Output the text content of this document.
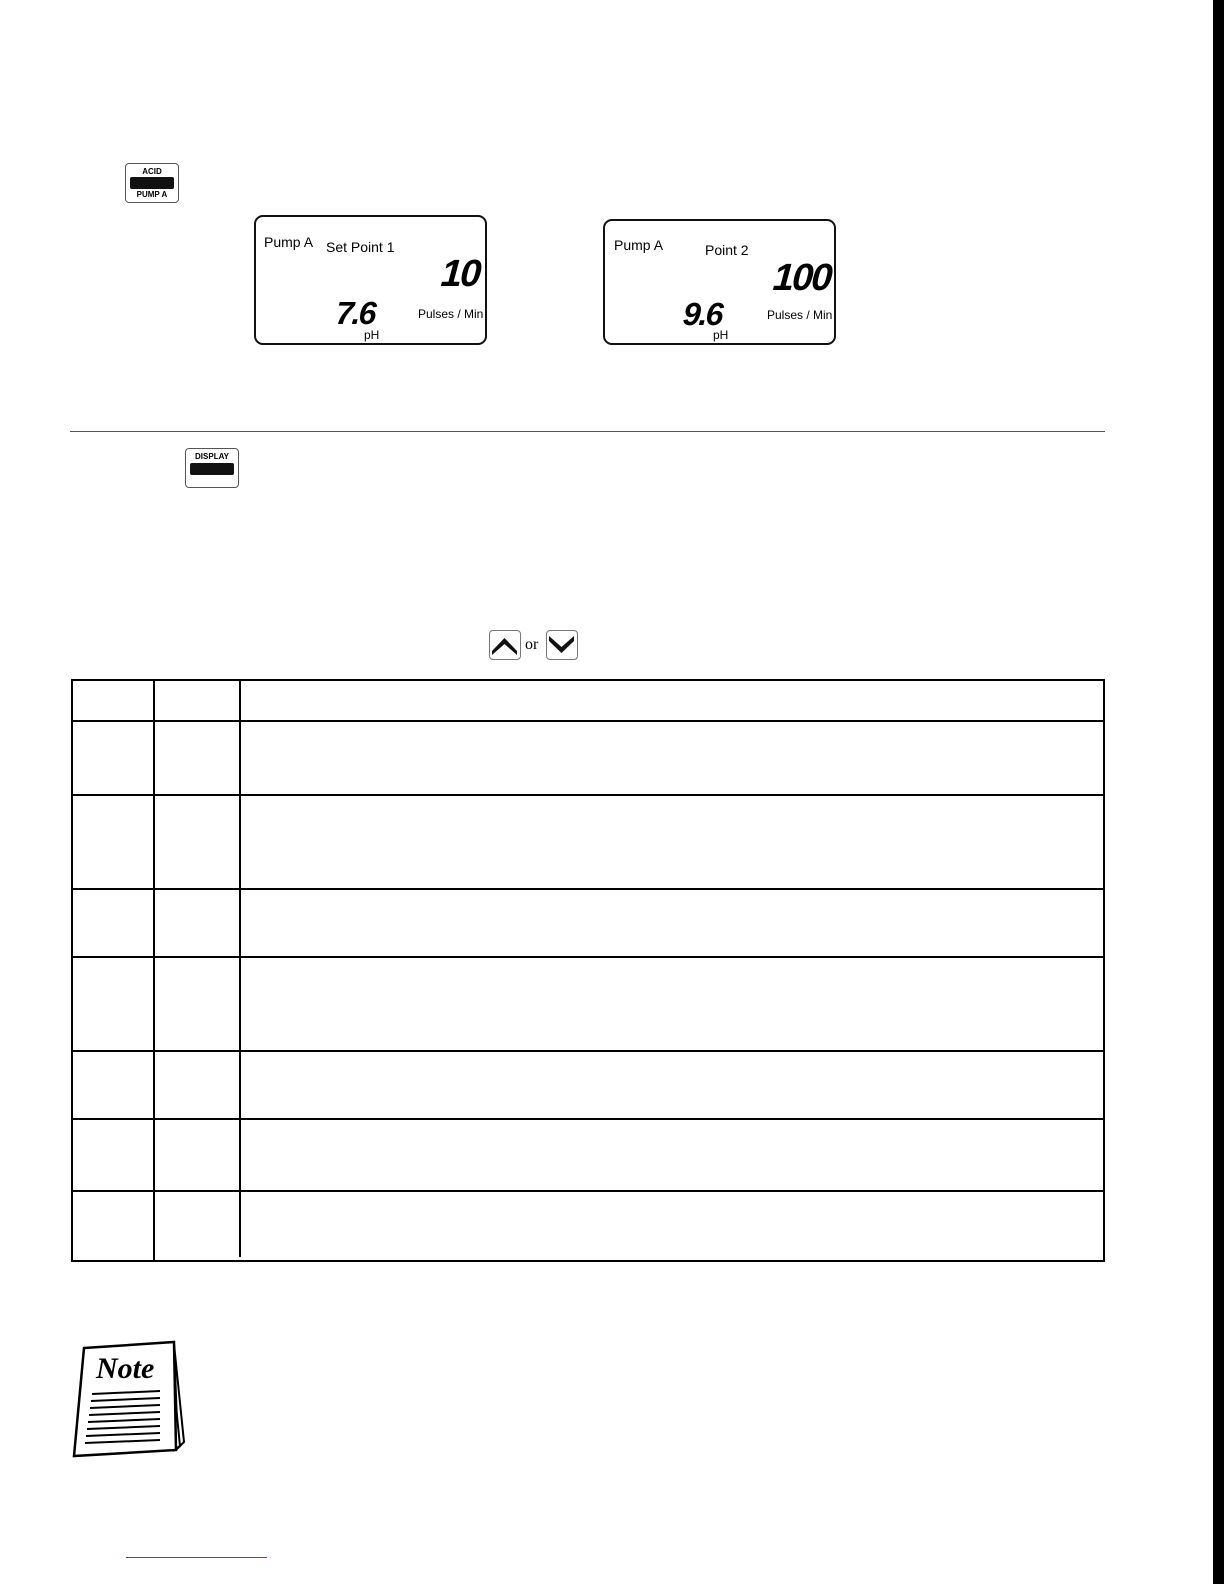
ACID
PUMP A
Pump A Set Point 1
10
7.6
pH
Pulses / Min
Pump A	Point 2
100
9.6
pH
Pulses / Min
DISPLAY
or
Note
